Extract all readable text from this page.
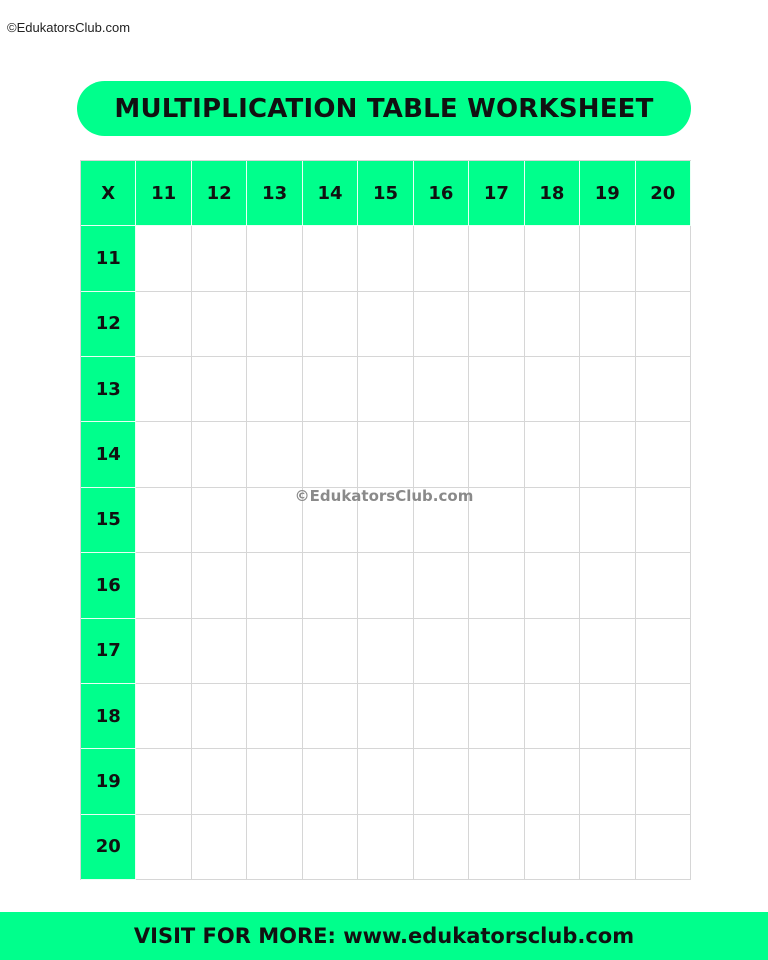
©EdukatorsClub.com
MULTIPLICATION TABLE WORKSHEET
X	11	12	13	14	15	16	17	18	19	20
11
12
13
14
15
16
17
18
19
20
©EdukatorsClub.com
VISIT FOR MORE: www.edukatorsclub.com
